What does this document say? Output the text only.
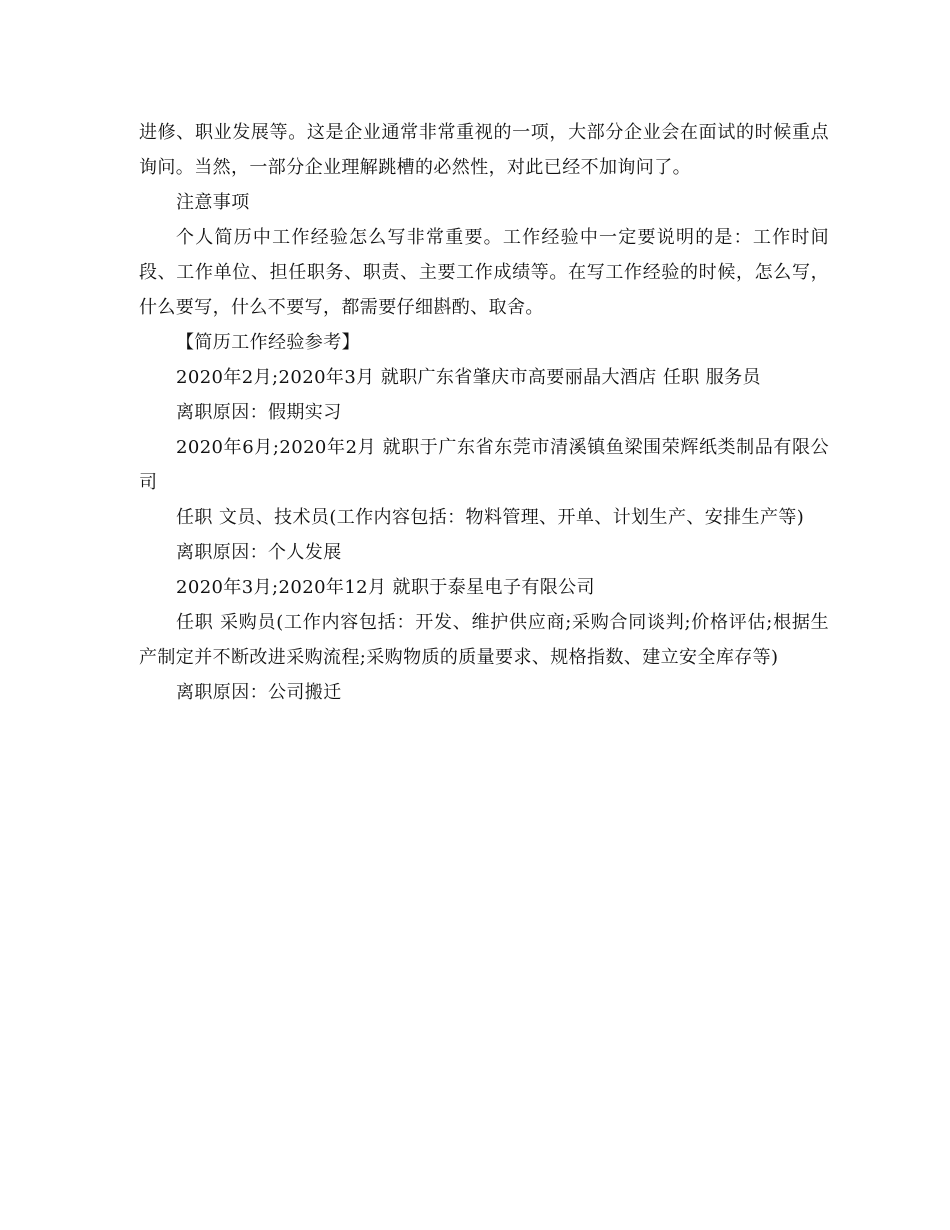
进修、职业发展等。这是企业通常非常重视的一项，大部分企业会在面试的时候重点询问。当然，一部分企业理解跳槽的必然性，对此已经不加询问了。

注意事项

个人简历中工作经验怎么写非常重要。工作经验中一定要说明的是：工作时间段、工作单位、担任职务、职责、主要工作成绩等。在写工作经验的时候，怎么写，什么要写，什么不要写，都需要仔细斟酌、取舍。

【简历工作经验参考】

2020年2月;2020年3月 就职广东省肇庆市高要丽晶大酒店 任职 服务员

离职原因：假期实习

2020年6月;2020年2月 就职于广东省东莞市清溪镇鱼梁围荣辉纸类制品有限公司

任职 文员、技术员(工作内容包括：物料管理、开单、计划生产、安排生产等)

离职原因：个人发展

2020年3月;2020年12月 就职于泰星电子有限公司

任职 采购员(工作内容包括：开发、维护供应商;采购合同谈判;价格评估;根据生产制定并不断改进采购流程;采购物质的质量要求、规格指数、建立安全库存等)

离职原因：公司搬迁
